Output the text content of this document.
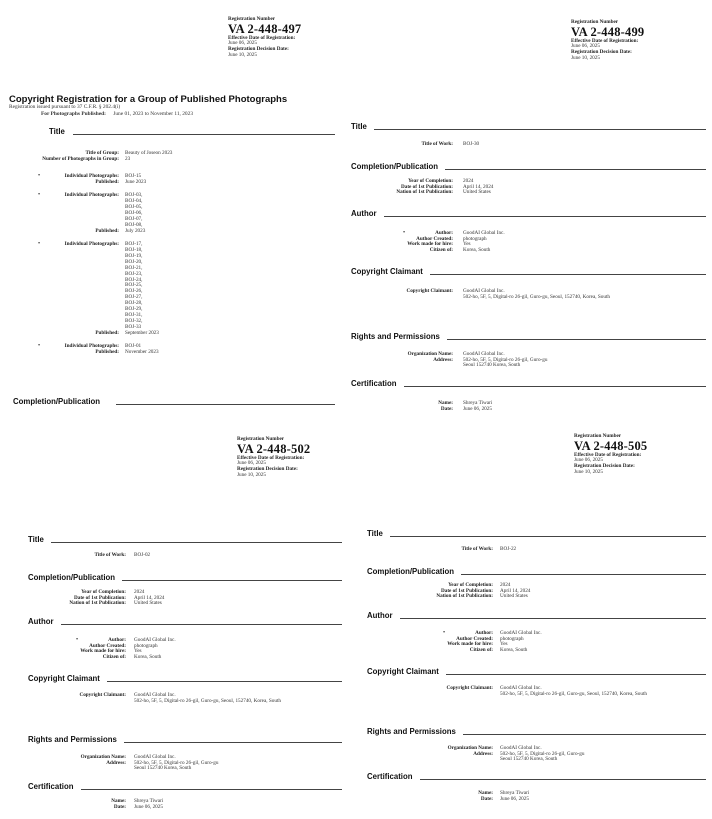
Registration Number
VA 2-448-497
Effective Date of Registration:
June 06, 2025
Registration Decision Date:
June 10, 2025
Copyright Registration for a Group of Published Photographs
Registration issued pursuant to 37 C.F.R. § 202.4(i)
For Photographs Published: June 01, 2023 to November 11, 2023
Title
Title of Group: Beauty of Joseon 2023
Number of Photographs in Group: 23
•	Individual Photographs: BOJ-15
Published: June 2023
•	Individual Photographs: BOJ-03,
BOJ-04,
BOJ-05,
BOJ-06,
BOJ-07,
BOJ-08,
Published: July 2023
•	Individual Photographs: BOJ-17,
BOJ-18,
BOJ-19,
BOJ-20,
BOJ-21,
BOJ-23,
BOJ-24,
BOJ-25,
BOJ-26,
BOJ-27,
BOJ-28,
BOJ-29,
BOJ-31,
BOJ-32,
BOJ-33
Published: September 2023
•	Individual Photographs: BOJ-01
Published: November 2023
Completion/Publication
Registration Number
VA 2-448-499
Effective Date of Registration:
June 06, 2025
Registration Decision Date:
June 10, 2025
Title
Completion/Publication
Author
Copyright Claimant
Rights and Permissions
Certification
Title of Work: BOJ-30
Year of Completion: 2024
Date of 1st Publication: April 14, 2024
Nation of 1st Publication: United States
•	Author: GoodAI Global Inc.
Author Created: photograph
Work made for hire: Yes
Citizen of: Korea, South
Copyright Claimant: GoodAI Global Inc.
502-ho, 5F, 5, Digital-ro 26-gil, Guro-gu, Seoul, 152740, Korea, South
Organization Name: GoodAI Global Inc.
Address: 502-ho, 5F, 5, Digital-ro 26-gil, Guro-gu
Seoul 152740 Korea, South
Name: Shreya Tiwari
Date: June 06, 2025
Registration Number
VA 2-448-502
Effective Date of Registration:
June 06, 2025
Registration Decision Date:
June 10, 2025
Title
Completion/Publication
Author
Copyright Claimant
Rights and Permissions
Certification
Title of Work: BOJ-02
Year of Completion: 2024
Date of 1st Publication: April 14, 2024
Nation of 1st Publication: United States
•	Author: GoodAI Global Inc.
Author Created: photograph
Work made for hire: Yes
Citizen of: Korea, South
Copyright Claimant: GoodAI Global Inc.
502-ho, 5F, 5, Digital-ro 26-gil, Guro-gu, Seoul, 152740, Korea, South
Organization Name: GoodAI Global Inc.
Address: 502-ho, 5F, 5, Digital-ro 26-gil, Guro-gu
Seoul 152740 Korea, South
Name: Shreya Tiwari
Date: June 06, 2025
Registration Number
VA 2-448-505
Effective Date of Registration:
June 06, 2025
Registration Decision Date:
June 10, 2025
Title
Completion/Publication
Author
Copyright Claimant
Rights and Permissions
Certification
Title of Work: BOJ-22
Year of Completion: 2024
Date of 1st Publication: April 14, 2024
Nation of 1st Publication: United States
•	Author: GoodAI Global Inc.
Author Created: photograph
Work made for hire: Yes
Citizen of: Korea, South
Copyright Claimant: GoodAI Global Inc.
502-ho, 5F, 5, Digital-ro 26-gil, Guro-gu, Seoul, 152740, Korea, South
Organization Name: GoodAI Global Inc.
Address: 502-ho, 5F, 5, Digital-ro 26-gil, Guro-gu
Seoul 152740 Korea, South
Name: Shreya Tiwari
Date: June 06, 2025
